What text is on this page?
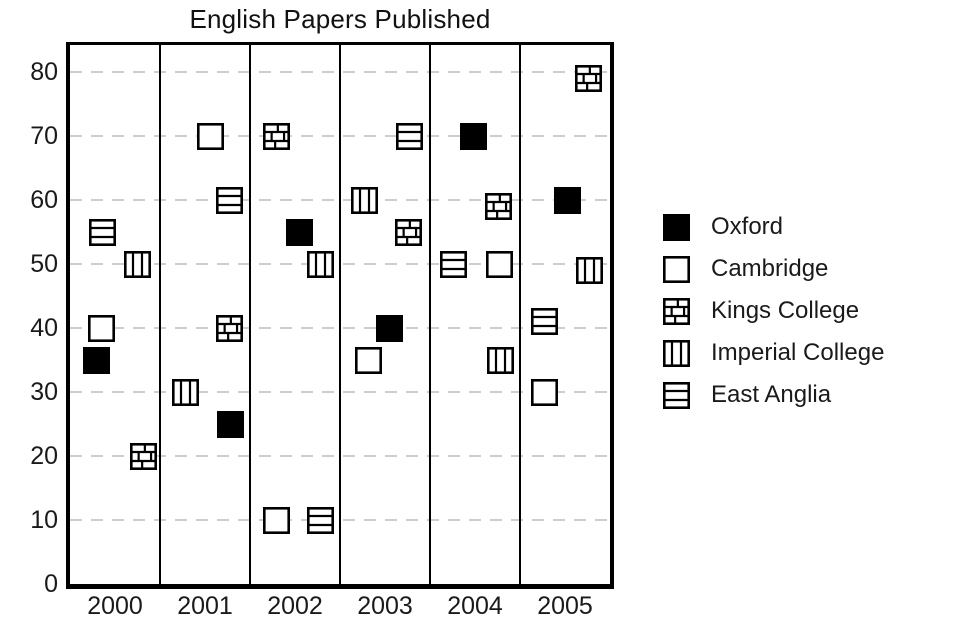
English Papers Published
0
10
20
30
40
50
60
70
80
2000	2001	2002	2003	2004	2005
Oxford
Cambridge
Kings College
Imperial College
East Anglia
